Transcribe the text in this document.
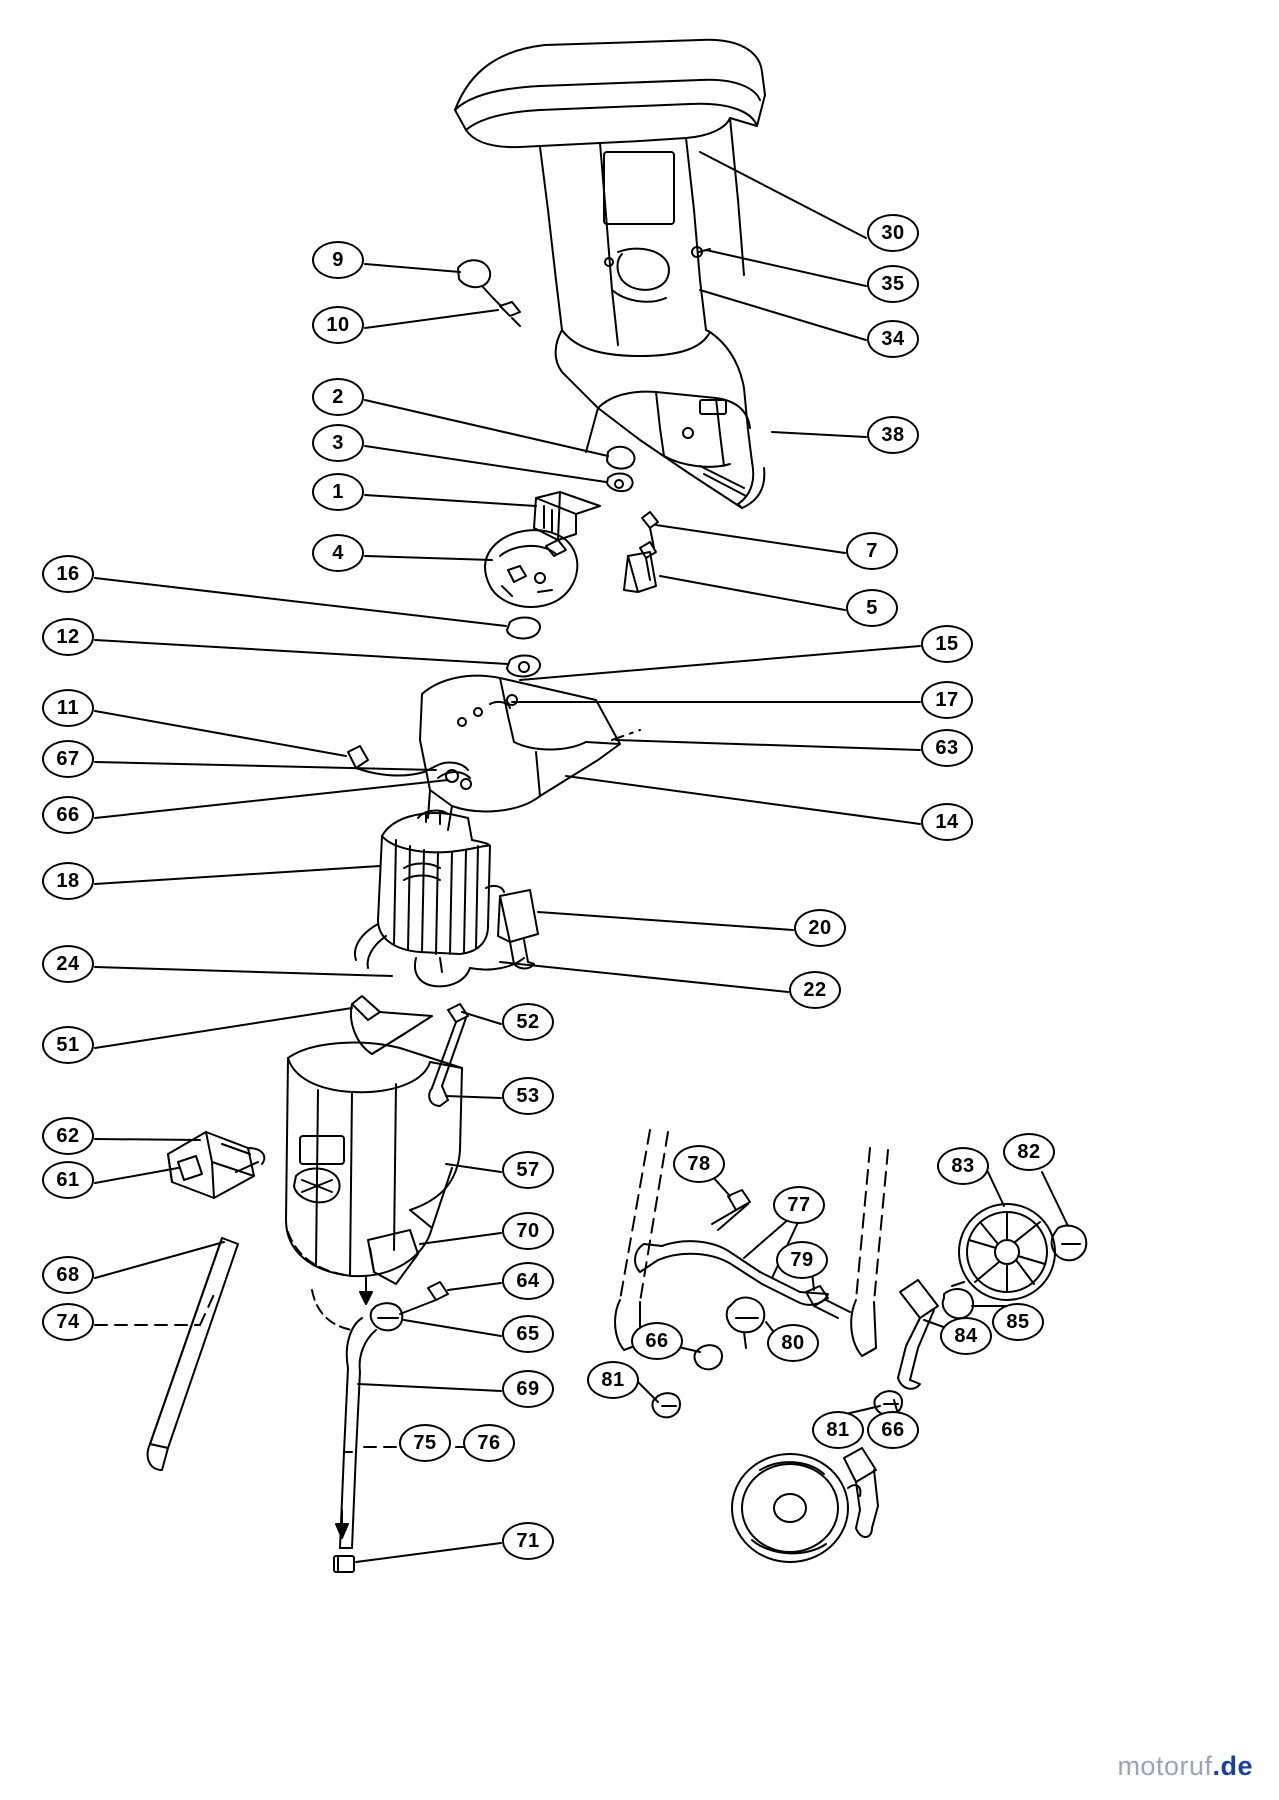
motoruf.de
30
9
35
10
34
2
38
3
1
7
4
16
5
12	15
11	17
67	63
66	14
18
20
24
22
52
51
53
62
78	83
82
57
61
77
70
79
68	64
65	66	80	84
85
74
81
69
75	76
81	66
71
